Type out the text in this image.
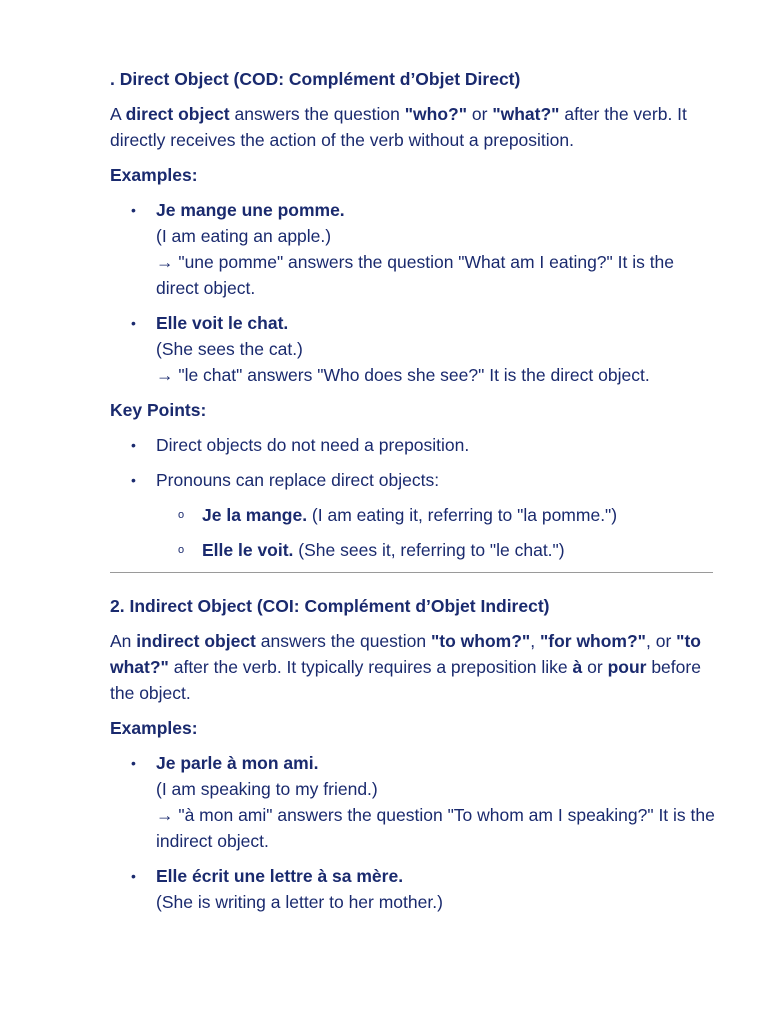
. Direct Object (COD: Complément d’Objet Direct)
A direct object answers the question "who?" or "what?" after the verb. It directly receives the action of the verb without a preposition.
Examples:
• Je mange une pomme.
(I am eating an apple.)
→ "une pomme" answers the question "What am I eating?" It is the direct object.
• Elle voit le chat.
(She sees the cat.)
→ "le chat" answers "Who does she see?" It is the direct object.
Key Points:
• Direct objects do not need a preposition.
• Pronouns can replace direct objects:
o Je la mange. (I am eating it, referring to "la pomme.")
o Elle le voit. (She sees it, referring to "le chat.")
2. Indirect Object (COI: Complément d’Objet Indirect)
An indirect object answers the question "to whom?", "for whom?", or "to what?" after the verb. It typically requires a preposition like à or pour before the object.
Examples:
• Je parle à mon ami.
(I am speaking to my friend.)
→ "à mon ami" answers the question "To whom am I speaking?" It is the indirect object.
• Elle écrit une lettre à sa mère.
(She is writing a letter to her mother.)
